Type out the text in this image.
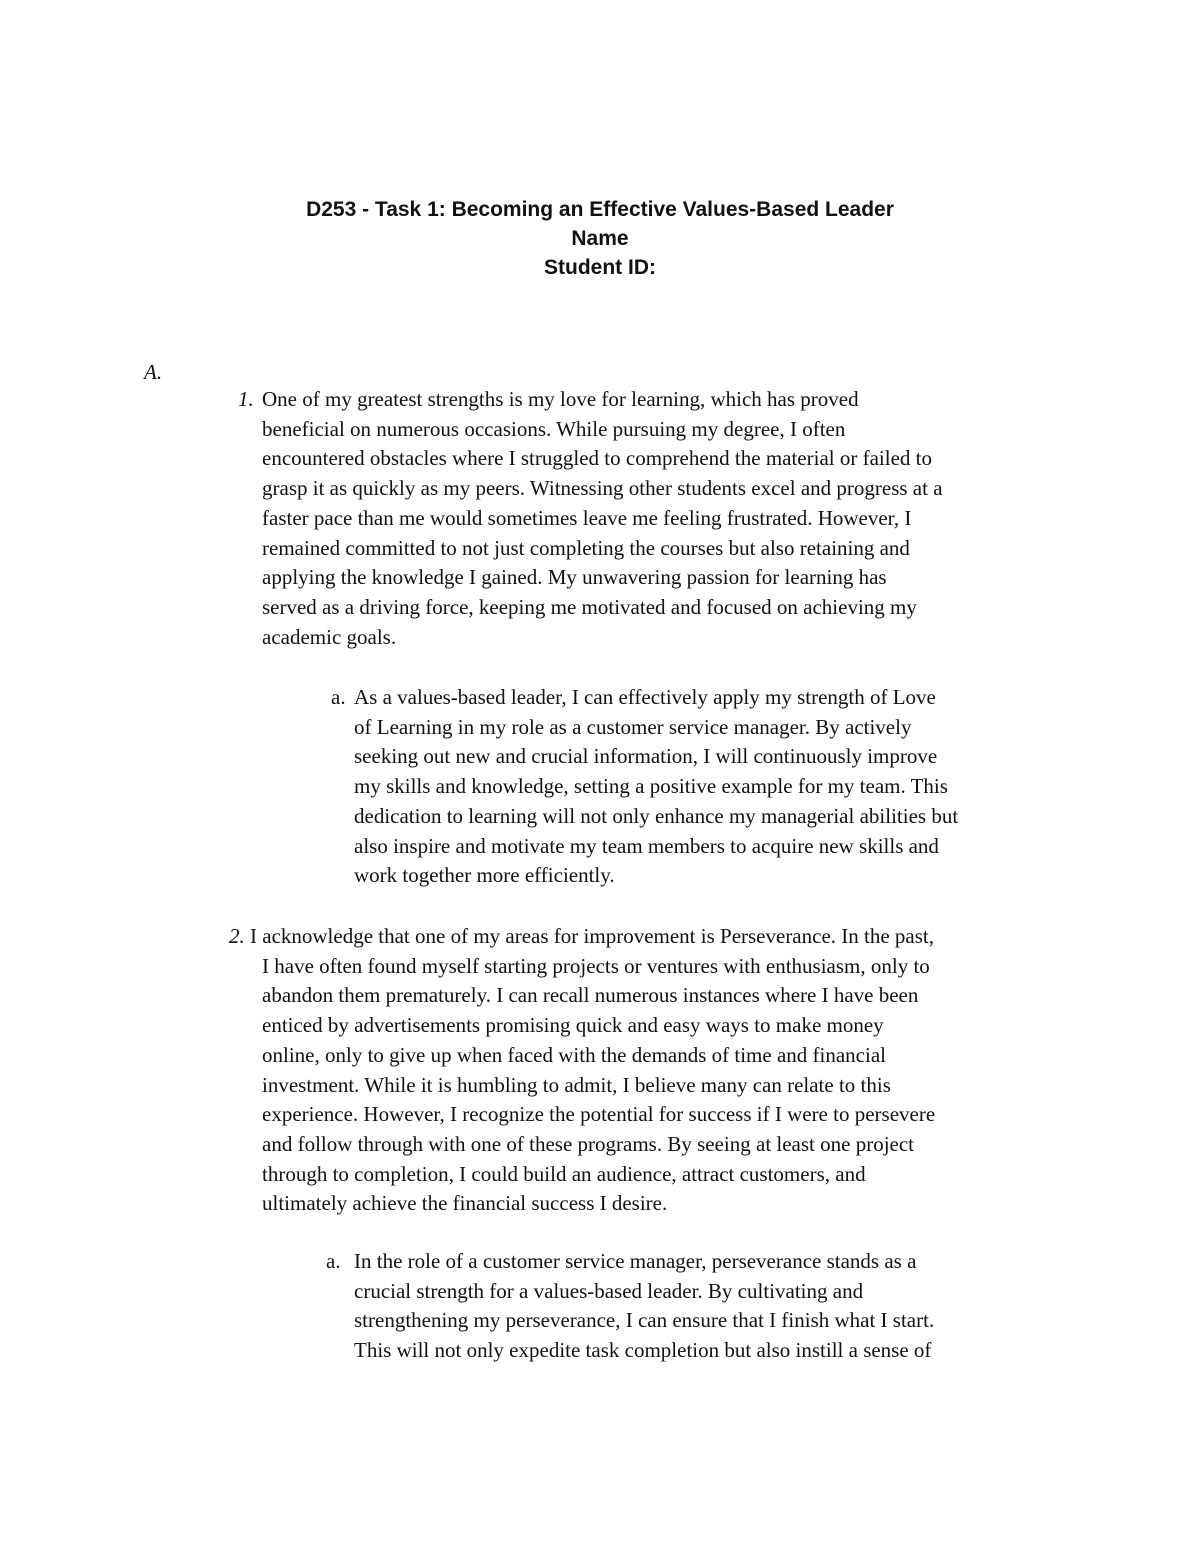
D253 - Task 1: Becoming an Effective Values-Based Leader
Name
Student ID:
A.
1. One of my greatest strengths is my love for learning, which has proved
beneficial on numerous occasions. While pursuing my degree, I often
encountered obstacles where I struggled to comprehend the material or failed to
grasp it as quickly as my peers. Witnessing other students excel and progress at a
faster pace than me would sometimes leave me feeling frustrated. However, I
remained committed to not just completing the courses but also retaining and
applying the knowledge I gained. My unwavering passion for learning has
served as a driving force, keeping me motivated and focused on achieving my
academic goals.
a. As a values-based leader, I can effectively apply my strength of Love
of Learning in my role as a customer service manager. By actively
seeking out new and crucial information, I will continuously improve
my skills and knowledge, setting a positive example for my team. This
dedication to learning will not only enhance my managerial abilities but
also inspire and motivate my team members to acquire new skills and
work together more efficiently.
2. I acknowledge that one of my areas for improvement is Perseverance. In the past,
I have often found myself starting projects or ventures with enthusiasm, only to
abandon them prematurely. I can recall numerous instances where I have been
enticed by advertisements promising quick and easy ways to make money
online, only to give up when faced with the demands of time and financial
investment. While it is humbling to admit, I believe many can relate to this
experience. However, I recognize the potential for success if I were to persevere
and follow through with one of these programs. By seeing at least one project
through to completion, I could build an audience, attract customers, and
ultimately achieve the financial success I desire.
a. In the role of a customer service manager, perseverance stands as a
crucial strength for a values-based leader. By cultivating and
strengthening my perseverance, I can ensure that I finish what I start.
This will not only expedite task completion but also instill a sense of
